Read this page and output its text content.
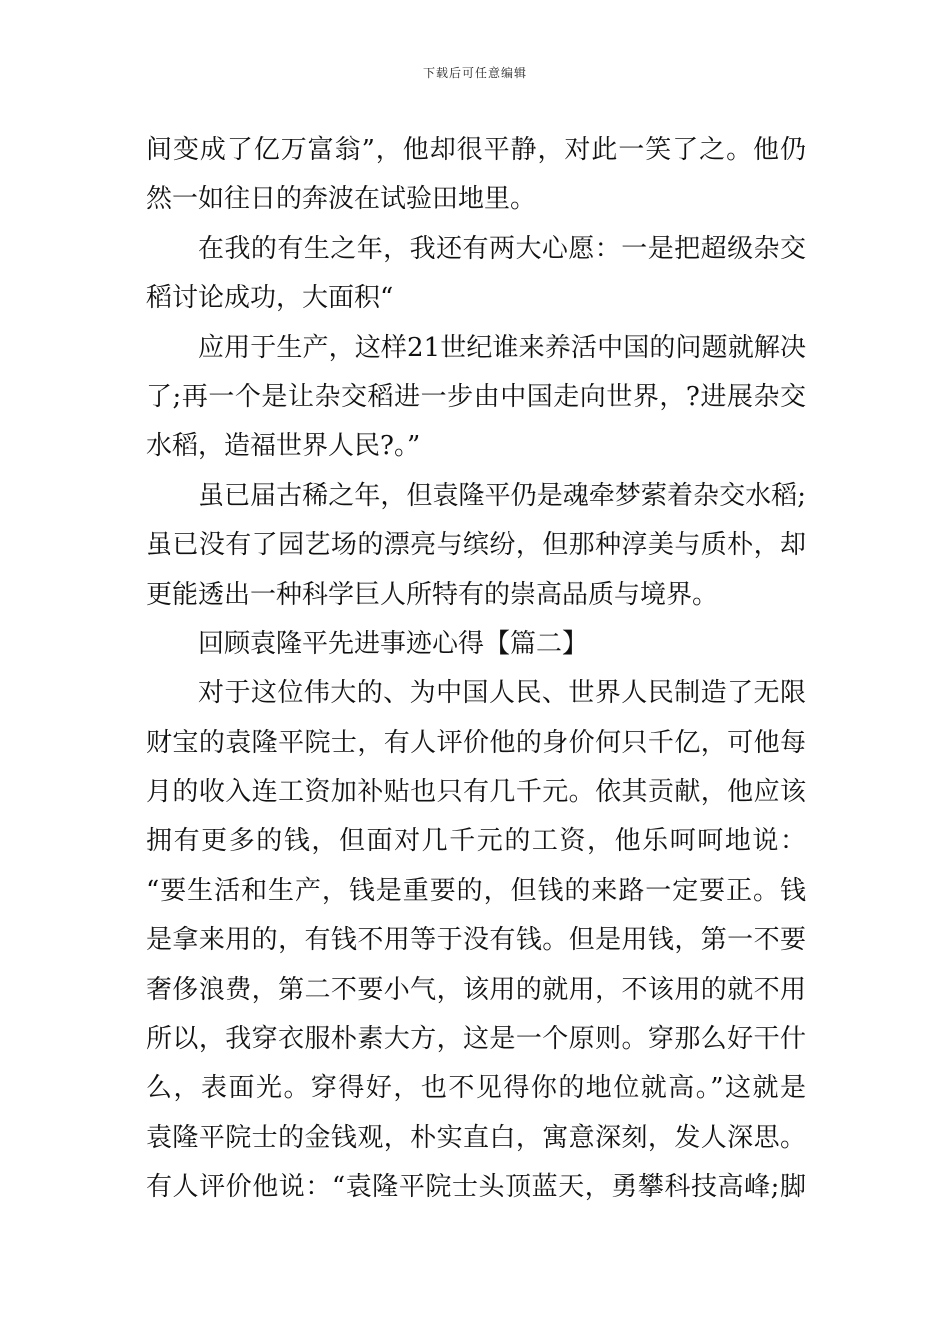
下载后可任意编辑

间变成了亿万富翁”，他却很平静，对此一笑了之。他仍
然一如往日的奔波在试验田地里。

在我的有生之年，我还有两大心愿：一是把超级杂交
稻讨论成功，大面积“

应用于生产，这样21世纪谁来养活中国的问题就解决
了;再一个是让杂交稻进一步由中国走向世界，?进展杂交
水稻，造福世界人民?。”

虽已届古稀之年，但袁隆平仍是魂牵梦萦着杂交水稻;
虽已没有了园艺场的漂亮与缤纷，但那种淳美与质朴，却
更能透出一种科学巨人所特有的崇高品质与境界。

回顾袁隆平先进事迹心得【篇二】

对于这位伟大的、为中国人民、世界人民制造了无限
财宝的袁隆平院士，有人评价他的身价何只千亿，可他每
月的收入连工资加补贴也只有几千元。依其贡献，他应该
拥有更多的钱，但面对几千元的工资，他乐呵呵地说：
“要生活和生产，钱是重要的，但钱的来路一定要正。钱
是拿来用的，有钱不用等于没有钱。但是用钱，第一不要
奢侈浪费，第二不要小气，该用的就用，不该用的就不用
所以，我穿衣服朴素大方，这是一个原则。穿那么好干什
么，表面光。穿得好，也不见得你的地位就高。”这就是
袁隆平院士的金钱观，朴实直白，寓意深刻，发人深思。
有人评价他说：“袁隆平院士头顶蓝天，勇攀科技高峰;脚
